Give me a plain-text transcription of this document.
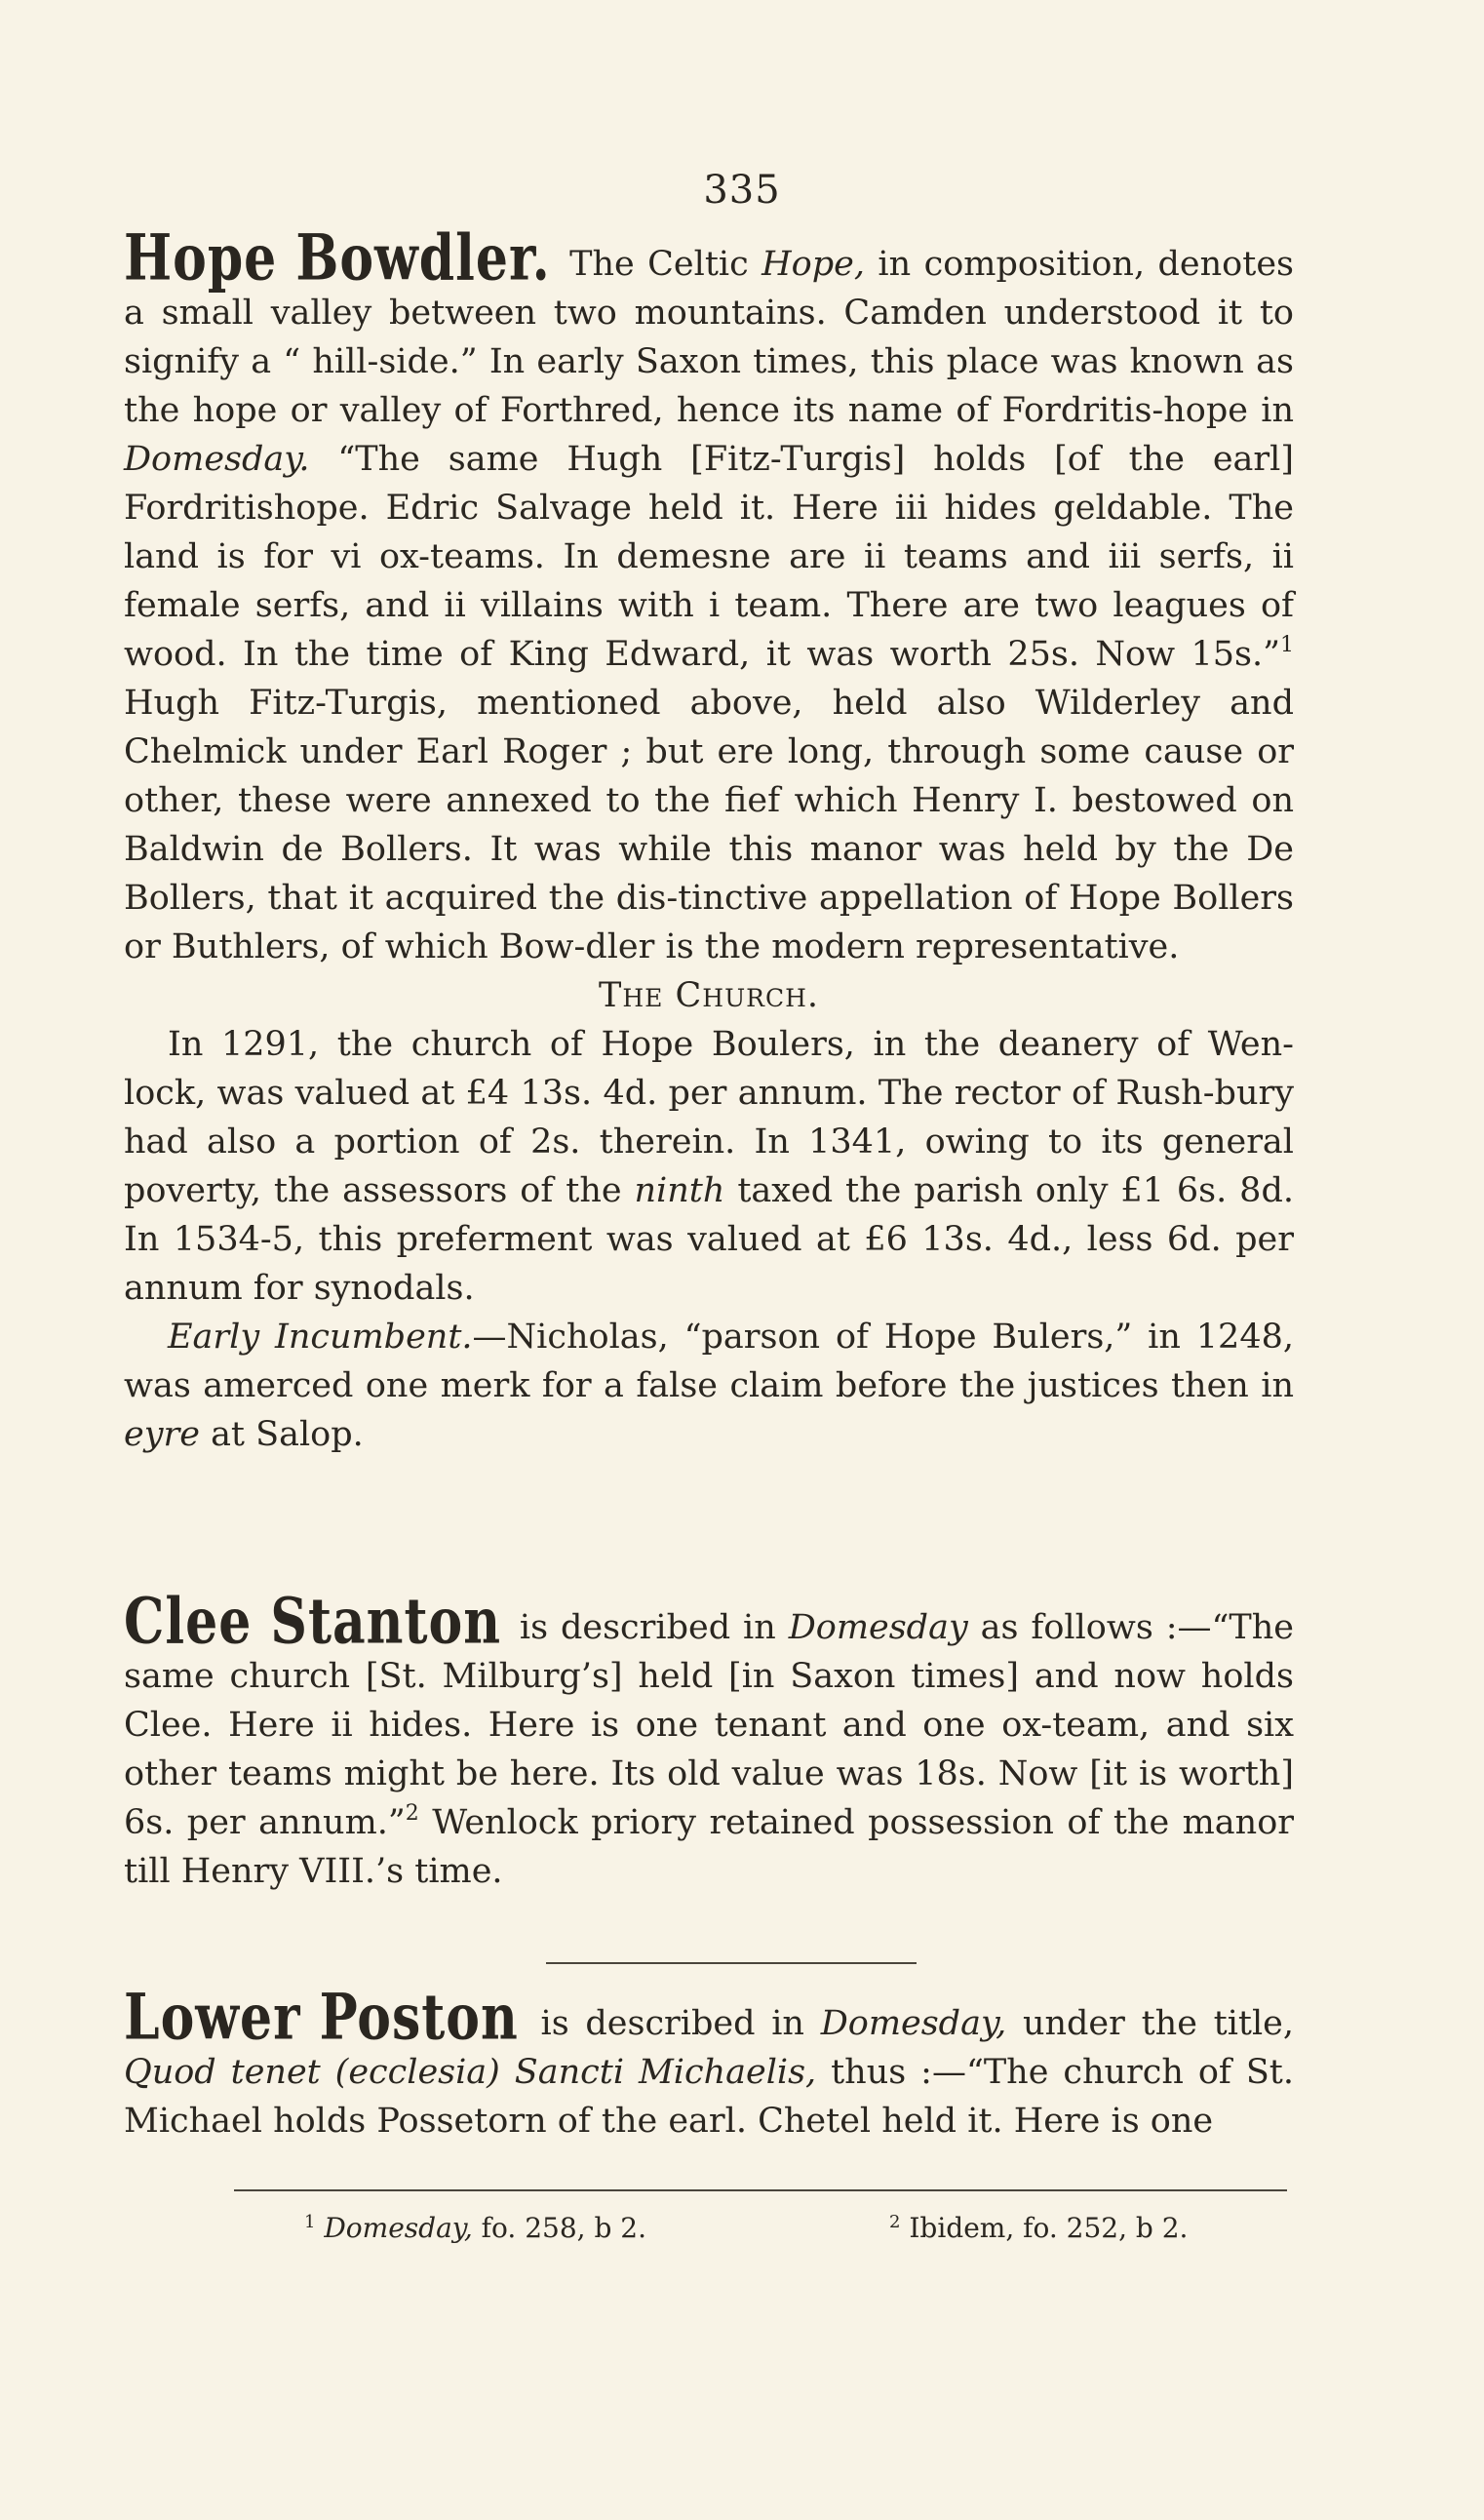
335

Hope Bowdler. The Celtic Hope, in composition, denotes a small valley between two mountains. Camden understood it to signify a “ hill-side.” In early Saxon times, this place was known as the hope or valley of Forthred, hence its name of Fordritis-hope in Domesday. “The same Hugh [Fitz-Turgis] holds [of the earl] Fordritishope. Edric Salvage held it. Here iii hides geldable. The land is for vi ox-teams. In demesne are ii teams and iii serfs, ii female serfs, and ii villains with i team. There are two leagues of wood. In the time of King Edward, it was worth 25s. Now 15s.”$^1$ Hugh Fitz-Turgis, mentioned above, held also Wilderley and Chelmick under Earl Roger ; but ere long, through some cause or other, these were annexed to the fief which Henry I. bestowed on Baldwin de Bollers. It was while this manor was held by the De Bollers, that it acquired the dis-tinctive appellation of Hope Bollers or Buthlers, of which Bow-dler is the modern representative.

The Church.

In 1291, the church of Hope Boulers, in the deanery of Wen-lock, was valued at £4 13s. 4d. per annum. The rector of Rush-bury had also a portion of 2s. therein. In 1341, owing to its general poverty, the assessors of the ninth taxed the parish only £1 6s. 8d. In 1534-5, this preferment was valued at £6 13s. 4d., less 6d. per annum for synodals.

Early Incumbent.—Nicholas, “parson of Hope Bulers,” in 1248, was amerced one merk for a false claim before the justices then in eyre at Salop.

Clee Stanton is described in Domesday as follows :—“The same church [St. Milburg’s] held [in Saxon times] and now holds Clee. Here ii hides. Here is one tenant and one ox-team, and six other teams might be here. Its old value was 18s. Now [it is worth] 6s. per annum.”$^2$ Wenlock priory retained possession of the manor till Henry VIII.’s time.

Lower Poston is described in Domesday, under the title, Quod tenet (ecclesia) Sancti Michaelis, thus :—“The church of St. Michael holds Possetorn of the earl. Chetel held it. Here is one

$^1$ Domesday, fo. 258, b 2.	$^2$ Ibidem, fo. 252, b 2.
